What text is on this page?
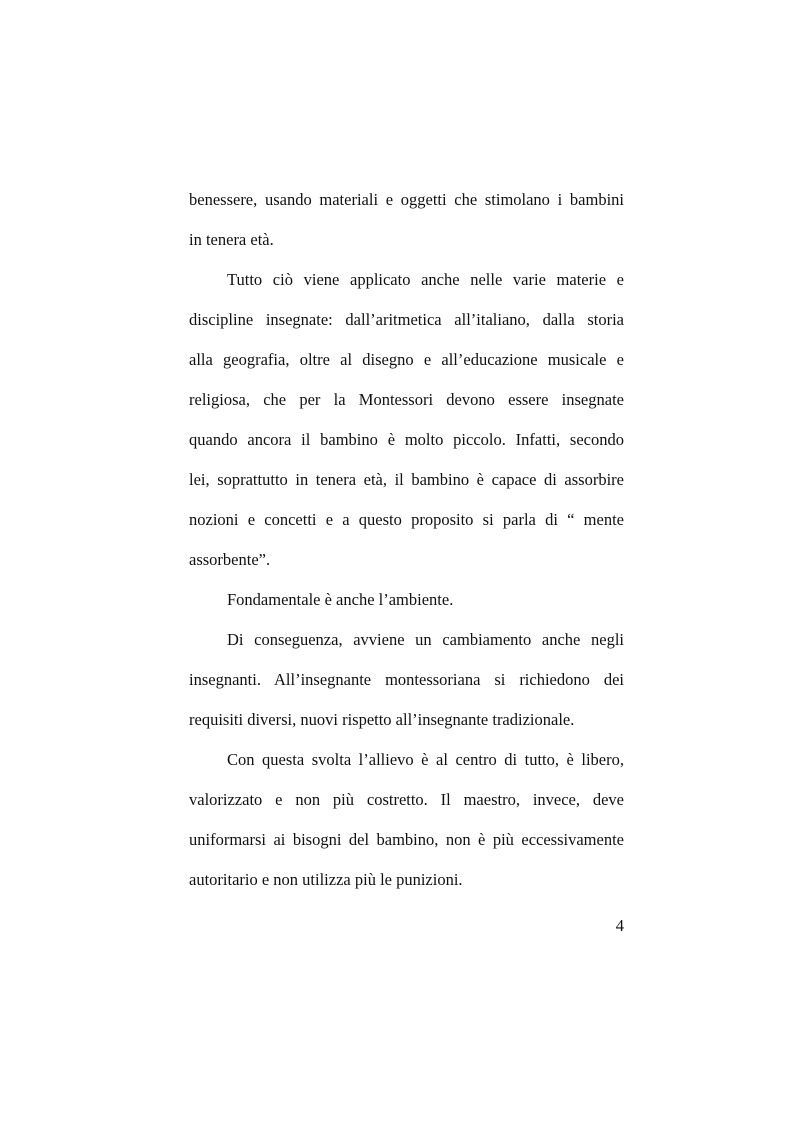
benessere, usando materiali e oggetti che stimolano i bambini
in tenera età.
Tutto ciò viene applicato anche nelle varie materie e
discipline insegnate: dall’aritmetica all’italiano, dalla storia
alla geografia, oltre al disegno e all’educazione musicale e
religiosa, che per la Montessori devono essere insegnate
quando ancora il bambino è molto piccolo. Infatti, secondo
lei, soprattutto in tenera età, il bambino è capace di assorbire
nozioni e concetti e a questo proposito si parla di “ mente
assorbente”.
Fondamentale è anche l’ambiente.
Di conseguenza, avviene un cambiamento anche negli
insegnanti. All’insegnante montessoriana si richiedono dei
requisiti diversi, nuovi rispetto all’insegnante tradizionale.
Con questa svolta l’allievo è al centro di tutto, è libero,
valorizzato e non più costretto. Il maestro, invece, deve
uniformarsi ai bisogni del bambino, non è più eccessivamente
autoritario e non utilizza più le punizioni.
4
